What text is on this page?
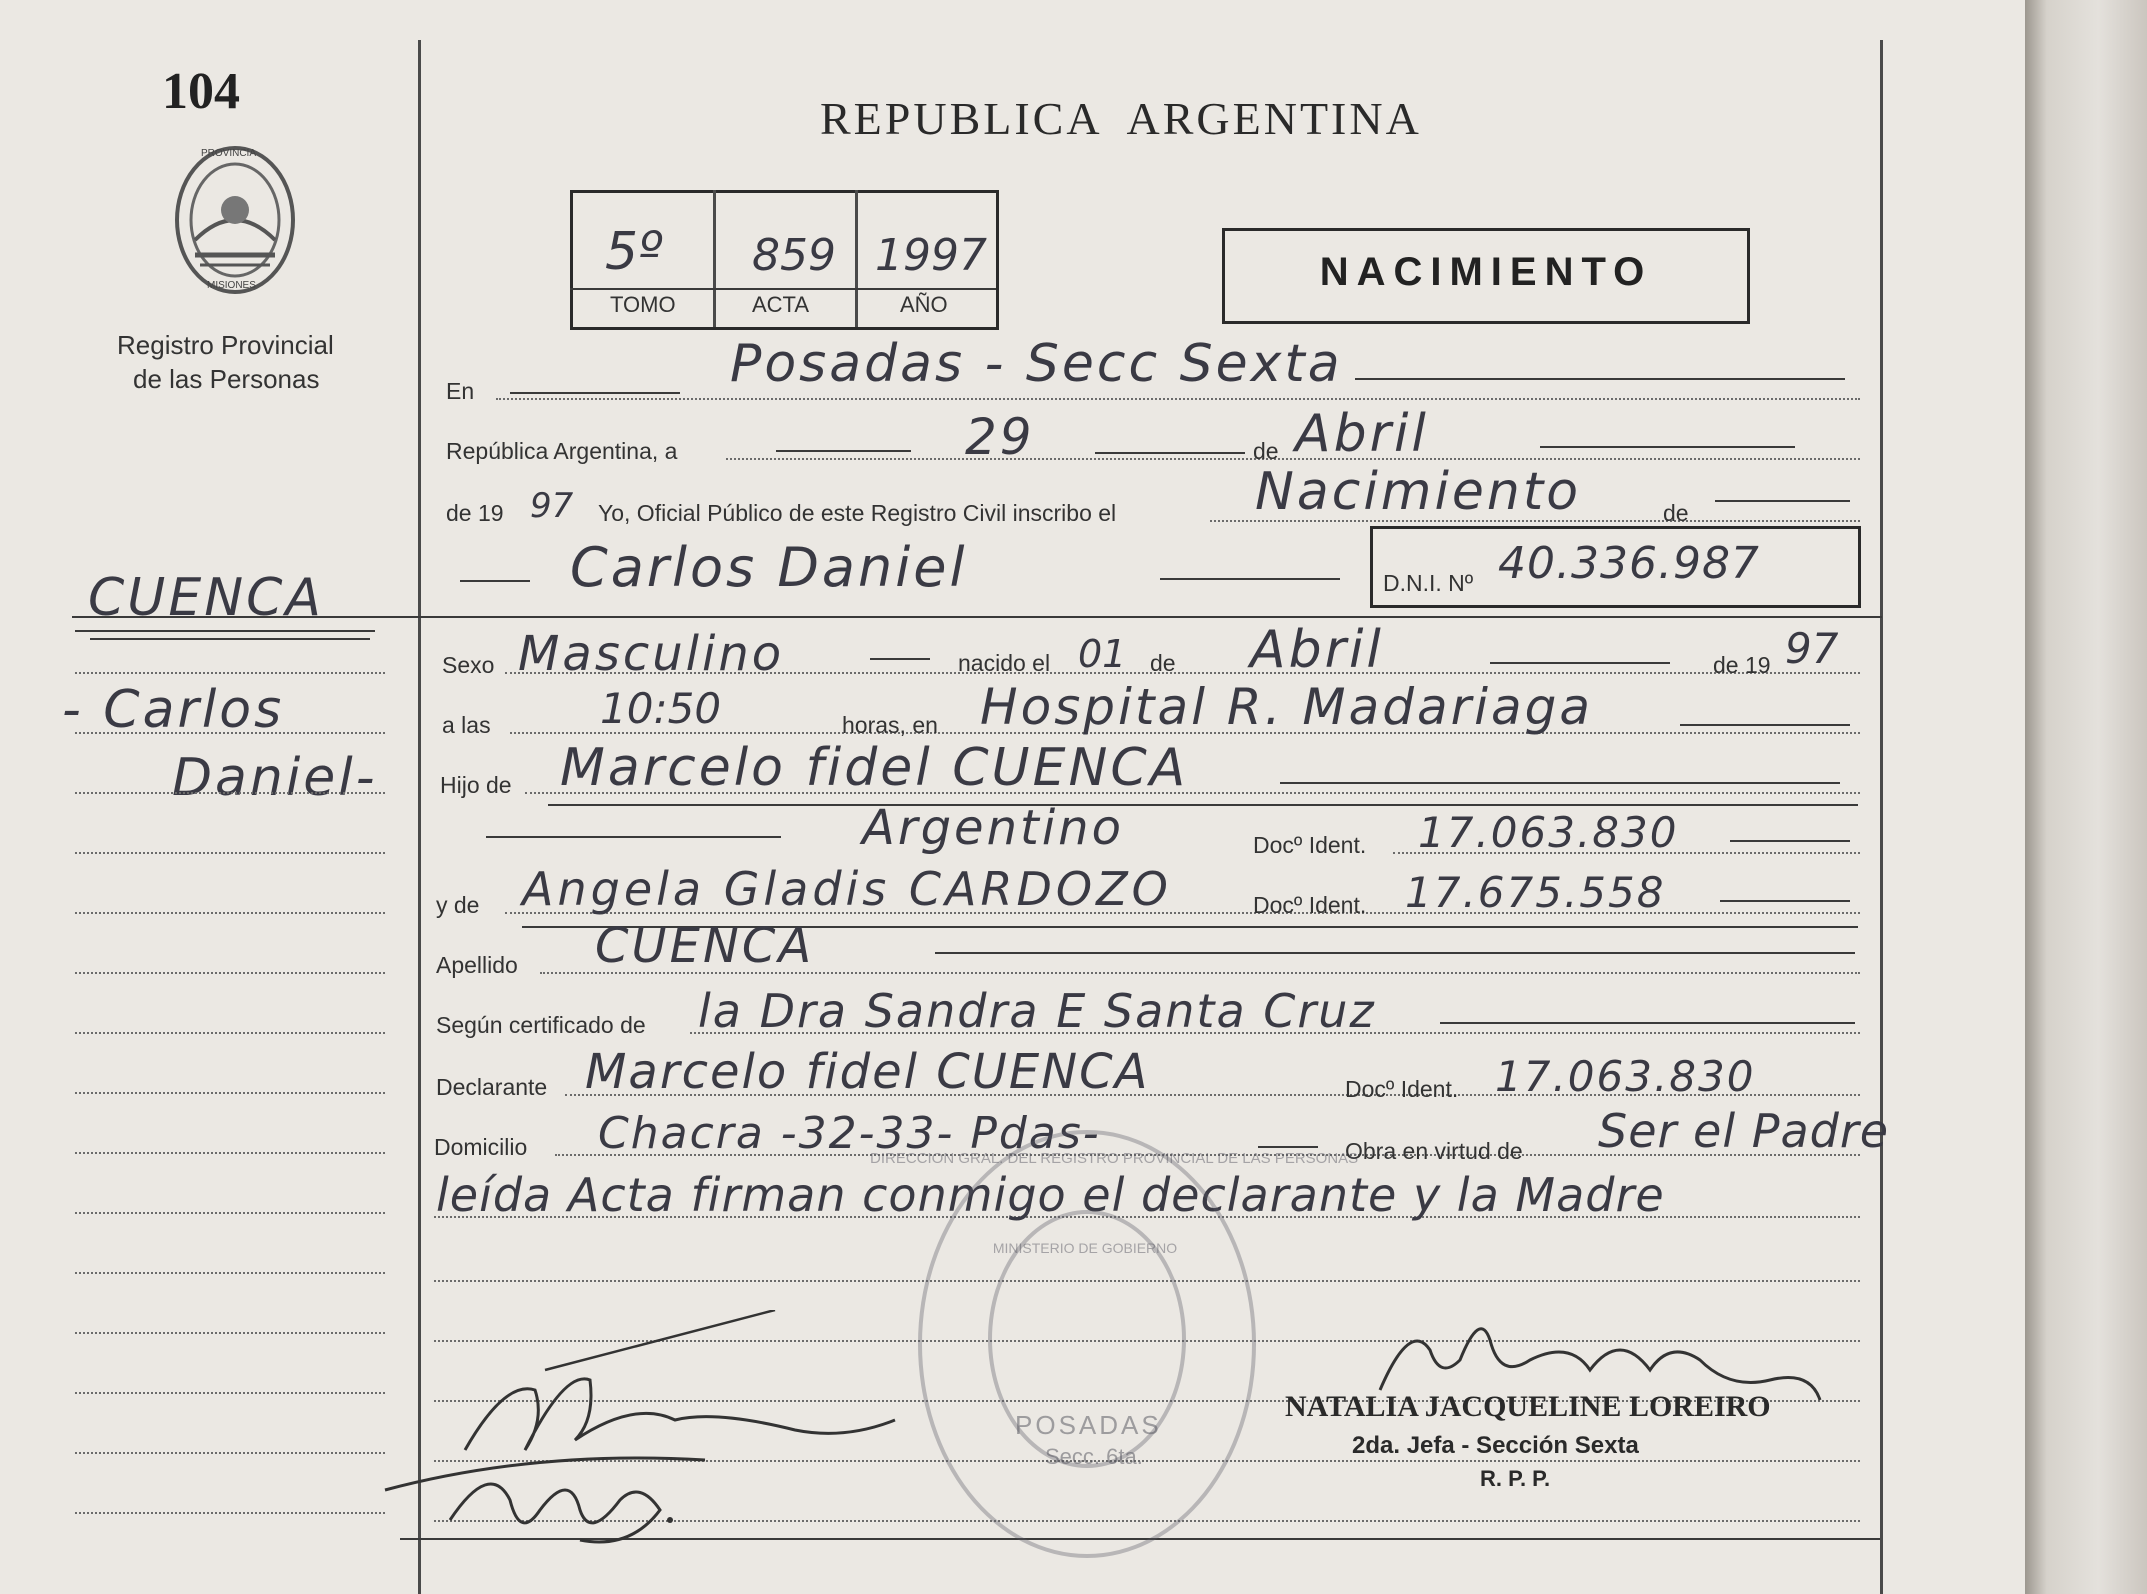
104
PROVINCIA
MISIONES
Registro Provincial
de las Personas
CUENCA
- Carlos
Daniel-
REPUBLICA  ARGENTINA
5º 859 1997
TOMO	ACTA	AÑO
NACIMIENTO
En	Posadas - Secc Sexta
República Argentina, a	29	de Abril
de 19 97 Yo, Oficial Público de este Registro Civil inscribo el	Nacimiento	de
Carlos Daniel	D.N.I. Nº 40.336.987
Sexo Masculino	nacido el 01 de Abril	de 19 97
a las	10:50	horas, en Hospital R. Madariaga
Hijo de Marcelo fidel CUENCA
Argentino	Docº Ident. 17.063.830
y de Angela Gladis CARDOZO	Docº Ident. 17.675.558
Apellido CUENCA
Según certificado de la Dra Sandra E Santa Cruz
Declarante Marcelo fidel CUENCA	Docº Ident. 17.063.830
Domicilio Chacra -32-33- Pdas-	Obra en virtud de Ser el Padre
leída Acta firman conmigo el declarante y la Madre
DIRECCION GRAL. DEL REGISTRO PROVINCIAL DE LAS PERSONAS
MINISTERIO DE GOBIERNO
POSADAS
Secc. 6ta.
NATALIA JACQUELINE LOREIRO
2da. Jefa - Sección Sexta
R. P. P.
